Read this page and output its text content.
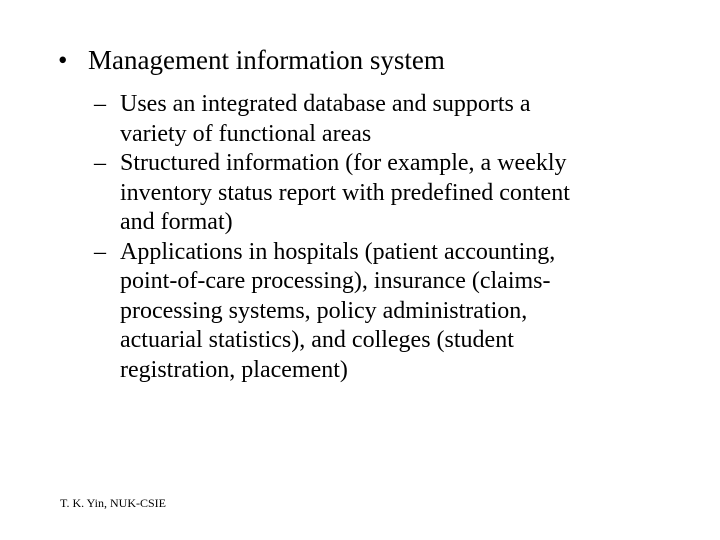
• Management information system
– Uses an integrated database and supports a
variety of functional areas
– Structured information (for example, a weekly
inventory status report with predefined content
and format)
– Applications in hospitals (patient accounting,
point-of-care processing), insurance (claims-
processing systems, policy administration,
actuarial statistics), and colleges (student
registration, placement)
T. K. Yin, NUK-CSIE
